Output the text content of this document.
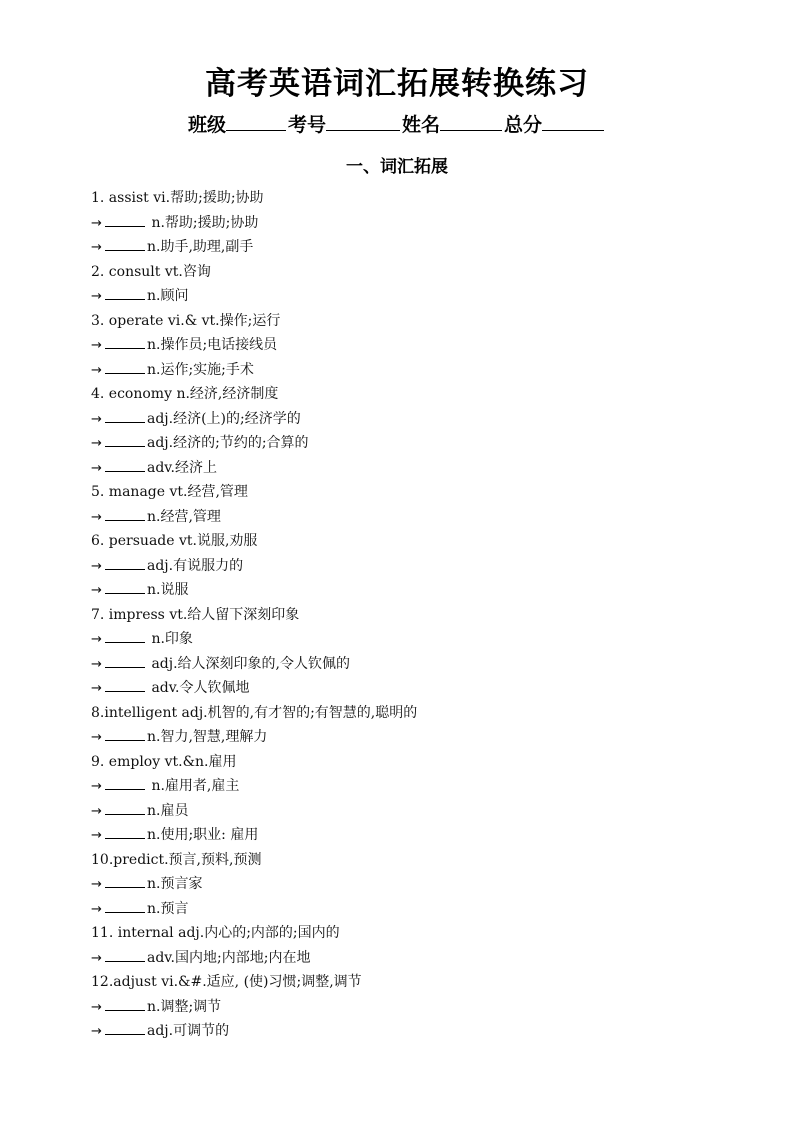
高考英语词汇拓展转换练习
班级	考号	姓名	总分
一、词汇拓展
1. assist vi.帮助;援助;协助
→	n.帮助;援助;协助
→	n.助手,助理,副手
2. consult vt.咨询
→	n.顾问
3. operate vi.& vt.操作;运行
→	n.操作员;电话接线员
→	n.运作;实施;手术
4. economy n.经济,经济制度
→	adj.经济(上)的;经济学的
→	adj.经济的;节约的;合算的
→	adv.经济上
5. manage vt.经营,管理
→	n.经营,管理
6. persuade vt.说服,劝服
→	adj.有说服力的
→	n.说服
7. impress vt.给人留下深刻印象
→	n.印象
→	adj.给人深刻印象的,令人钦佩的
→	adv.令人钦佩地
8.intelligent adj.机智的,有才智的;有智慧的,聪明的
→	n.智力,智慧,理解力
9. employ vt.&n.雇用
→	n.雇用者,雇主
→	n.雇员
→	n.使用;职业: 雇用
10.predict.预言,预料,预测
→	n.预言家
→	n.预言
11. internal adj.内心的;内部的;国内的
→	adv.国内地;内部地;内在地
12.adjust vi.&#.适应, (使)习惯;调整,调节
→	n.调整;调节
→	adj.可调节的
